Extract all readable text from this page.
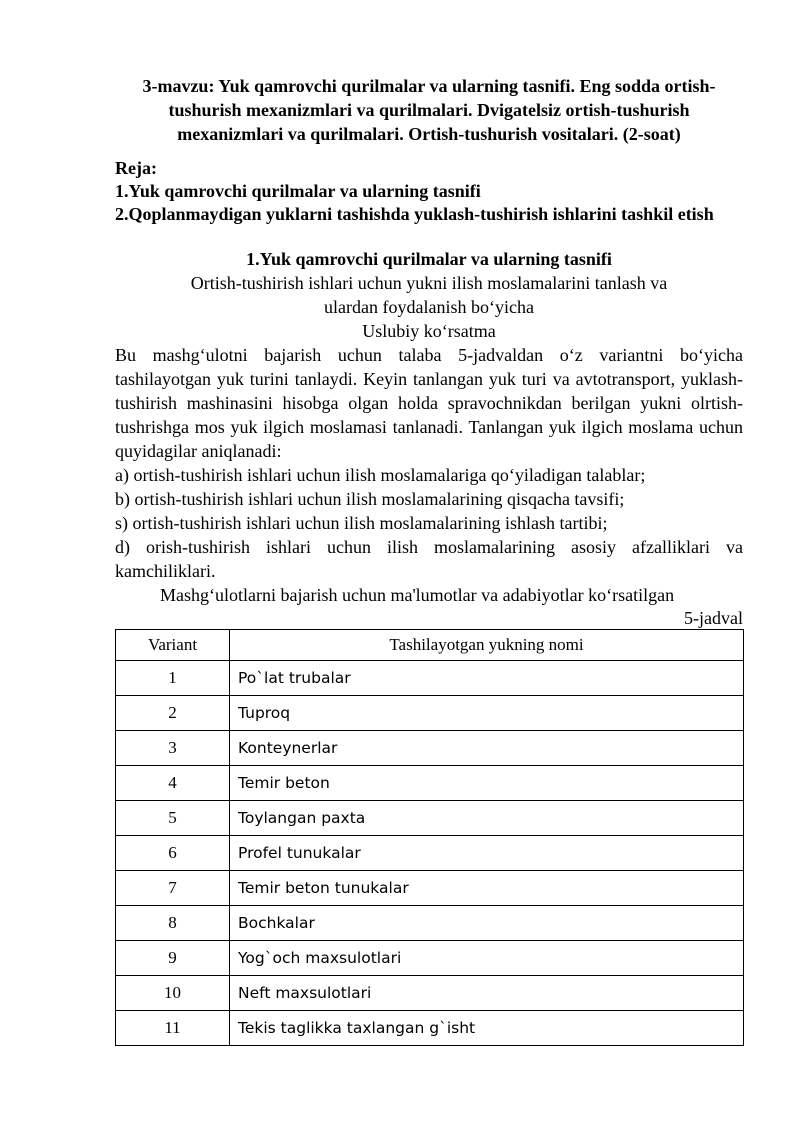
3-mavzu: Yuk qamrovchi qurilmalar va ularning tasnifi. Eng sodda ortish-tushurish mexanizmlari va qurilmalari. Dvigatelsiz ortish-tushurish mexanizmlari va qurilmalari. Ortish-tushurish vositalari. (2-soat)

Reja:
1.Yuk qamrovchi qurilmalar va ularning tasnifi
2.Qoplanmaydigan yuklarni tashishda yuklash-tushirish ishlarini tashkil etish
1.Yuk qamrovchi qurilmalar va ularning tasnifi
Ortish-tushirish ishlari uchun yukni ilish moslamalarini tanlash va
ulardan foydalanish bo‘yicha
Uslubiy ko‘rsatma

Bu mashg‘ulotni bajarish uchun talaba 5-jadvaldan o‘z variantni bo‘yicha tashilayotgan yuk turini tanlaydi. Keyin tanlangan yuk turi va avtotransport, yuklash-tushirish mashinasini hisobga olgan holda spravochnikdan berilgan yukni olrtish-tushrishga mos yuk ilgich moslamasi tanlanadi. Tanlangan yuk ilgich moslama uchun quyidagilar aniqlanadi:

a) ortish-tushirish ishlari uchun ilish moslamalariga qo‘yiladigan talablar;

b) ortish-tushirish ishlari uchun ilish moslamalarining qisqacha tavsifi;

s) ortish-tushirish ishlari uchun ilish moslamalarining ishlash tartibi;

d) orish-tushirish ishlari uchun ilish moslamalarining asosiy afzalliklari va kamchiliklari.

Mashg‘ulotlarni bajarish uchun ma'lumotlar va adabiyotlar ko‘rsatilgan
5-jadval
Variant	Tashilayotgan yukning nomi
1	Po`lat trubalar
2	Tuproq
3	Konteynerlar
4	Temir beton
5	Toylangan paxta
6	Profel tunukalar
7	Temir beton tunukalar
8	Bochkalar
9	Yog`och maxsulotlari
10	Neft maxsulotlari
11	Tekis taglikka taxlangan g`isht
